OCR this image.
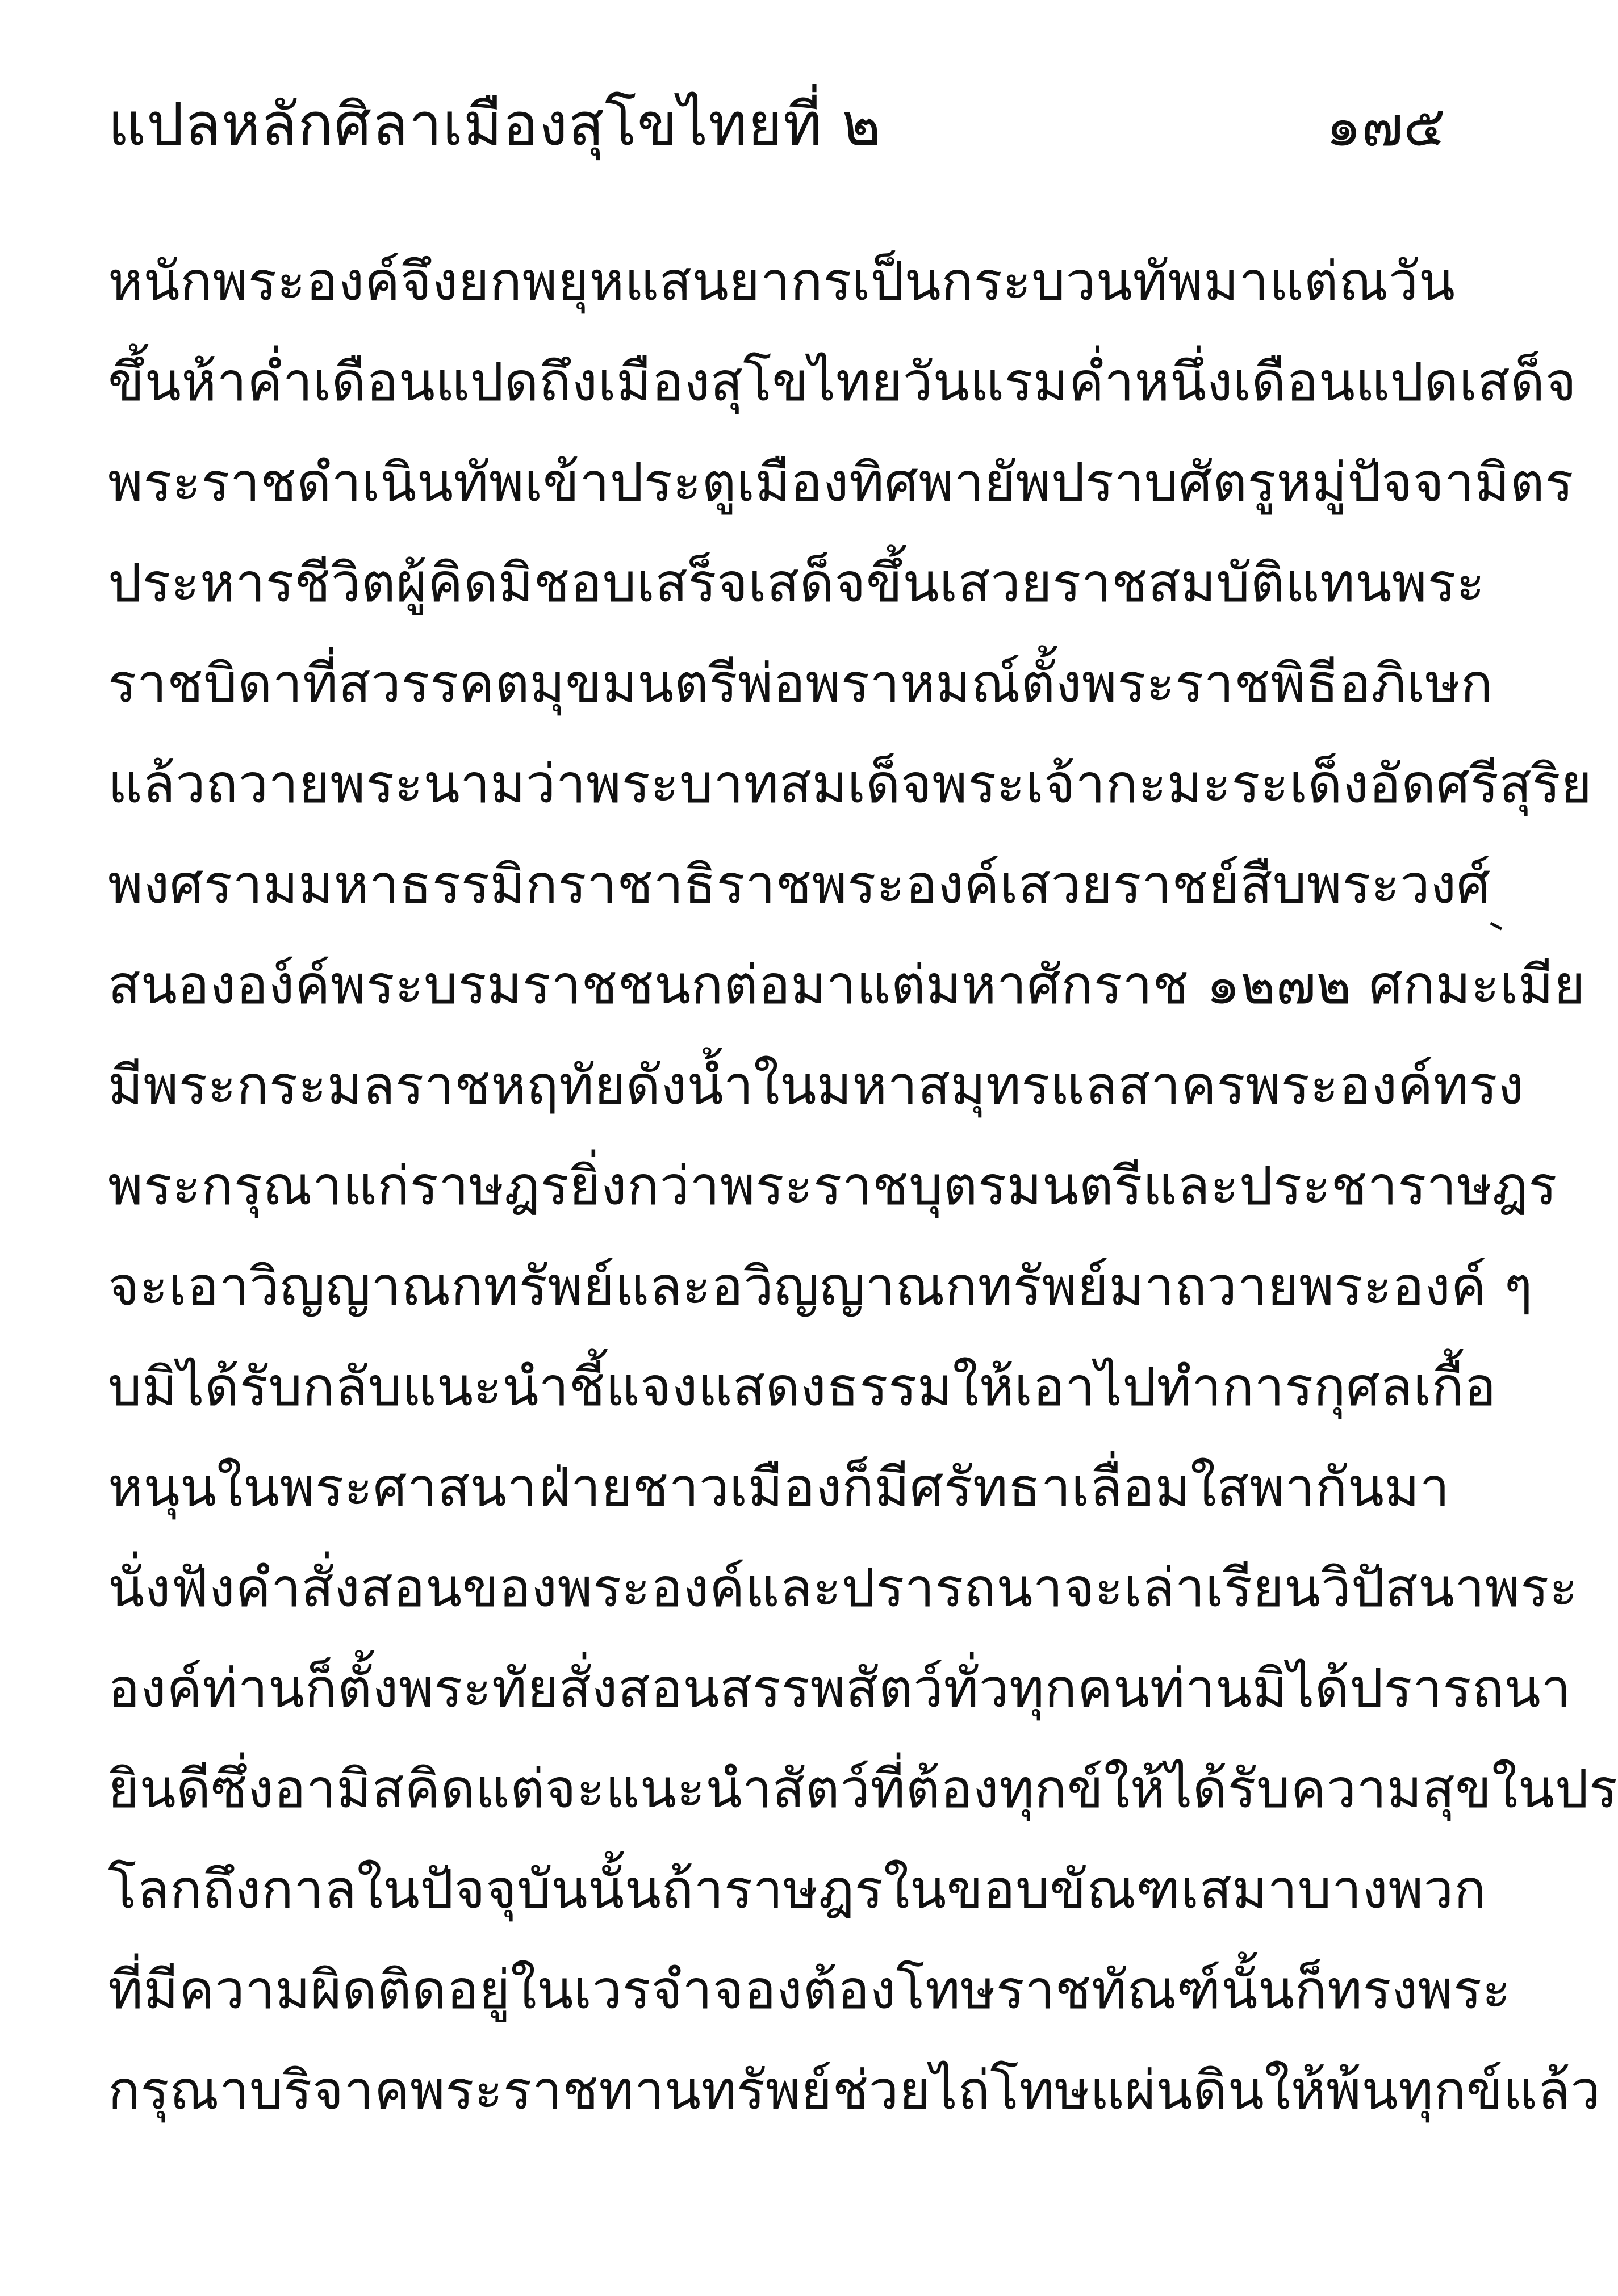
แปลหลักศิลาเมืองสุโขไทยที่ ๒	๑๗๕
หนักพระองค์จึงยกพยุหแสนยากรเป็นกระบวนทัพมา แต่ณวัน
ขึ้นห้าค่ำเดือนแปดถึงเมืองสุโขไทยวันแรมค่ำหนึ่งเดือนแปด เสด็จ
พระราชดำเนินทัพเข้าประตูเมืองทิศพายัพ ปราบศัตรูหมู่ปัจจามิตร
ประหารชีวิตผู้คิดมิชอบเสร็จ เสด็จขึ้นเสวยราชสมบัติแทนพระ
ราชบิดาที่สวรรคต มุขมนตรีพ่อพราหมณ์ตั้งพระราชพิธีอภิเษก
แล้วถวายพระนามว่า พระบาทสมเด็จพระเจ้ากะมะระเด็งอัดศรีสุริย
พงศรามมหาธรรมิกราชาธิราช พระองค์เสวยราชย์สืบพระวงศ์
สนององ์ค์พระบรมราชชนก ต่อมาแต่มหาศักราช ๑๒๗๒ ศกมะเมีย
มีพระกระมลราชหฤทัยดังน้ำในมหาสมุทรแลสาคร พระองค์ทรง
พระกรุณาแก่ราษฎรยิ่งกว่าพระราชบุตร มนตรีและประชาราษฎร
จะเอาวิญญาณกทรัพย์ และอวิญญาณกทรัพย์มาถวายพระองค์ ๆ
บมิได้รับ กลับแนะนำชี้แจงแสดงธรรมให้เอาไปทำการกุศลเกื้อ
หนุนในพระศาสนา ฝ่ายชาวเมืองก็มีศรัทธาเลื่อมใสพากันมา
นั่งฟังคำสั่งสอนของพระองค์ และปรารถนาจะเล่าเรียนวิปัสนา พระ
องค์ท่านก็ตั้งพระทัยสั่งสอนสรรพสัตว์ทั่วทุกคน ท่านมิได้ปรารถนา
ยินดีซึ่งอามิสคิดแต่จะแนะนำสัตว์ที่ต้องทุกข์ ให้ได้รับความสุขในปร
โลก ถึงกาลในปัจจุบันนั้น ถ้าราษฎรในขอบขัณฑเสมาบางพวก
ที่มีความผิดติดอยู่ในเวรจำจองต้องโทษราชทัณฑ์นั้น ก็ทรงพระ
กรุณาบริจาคพระราชทานทรัพย์ช่วยไถ่โทษแผ่นดิน ให้พ้นทุกข์แล้ว
